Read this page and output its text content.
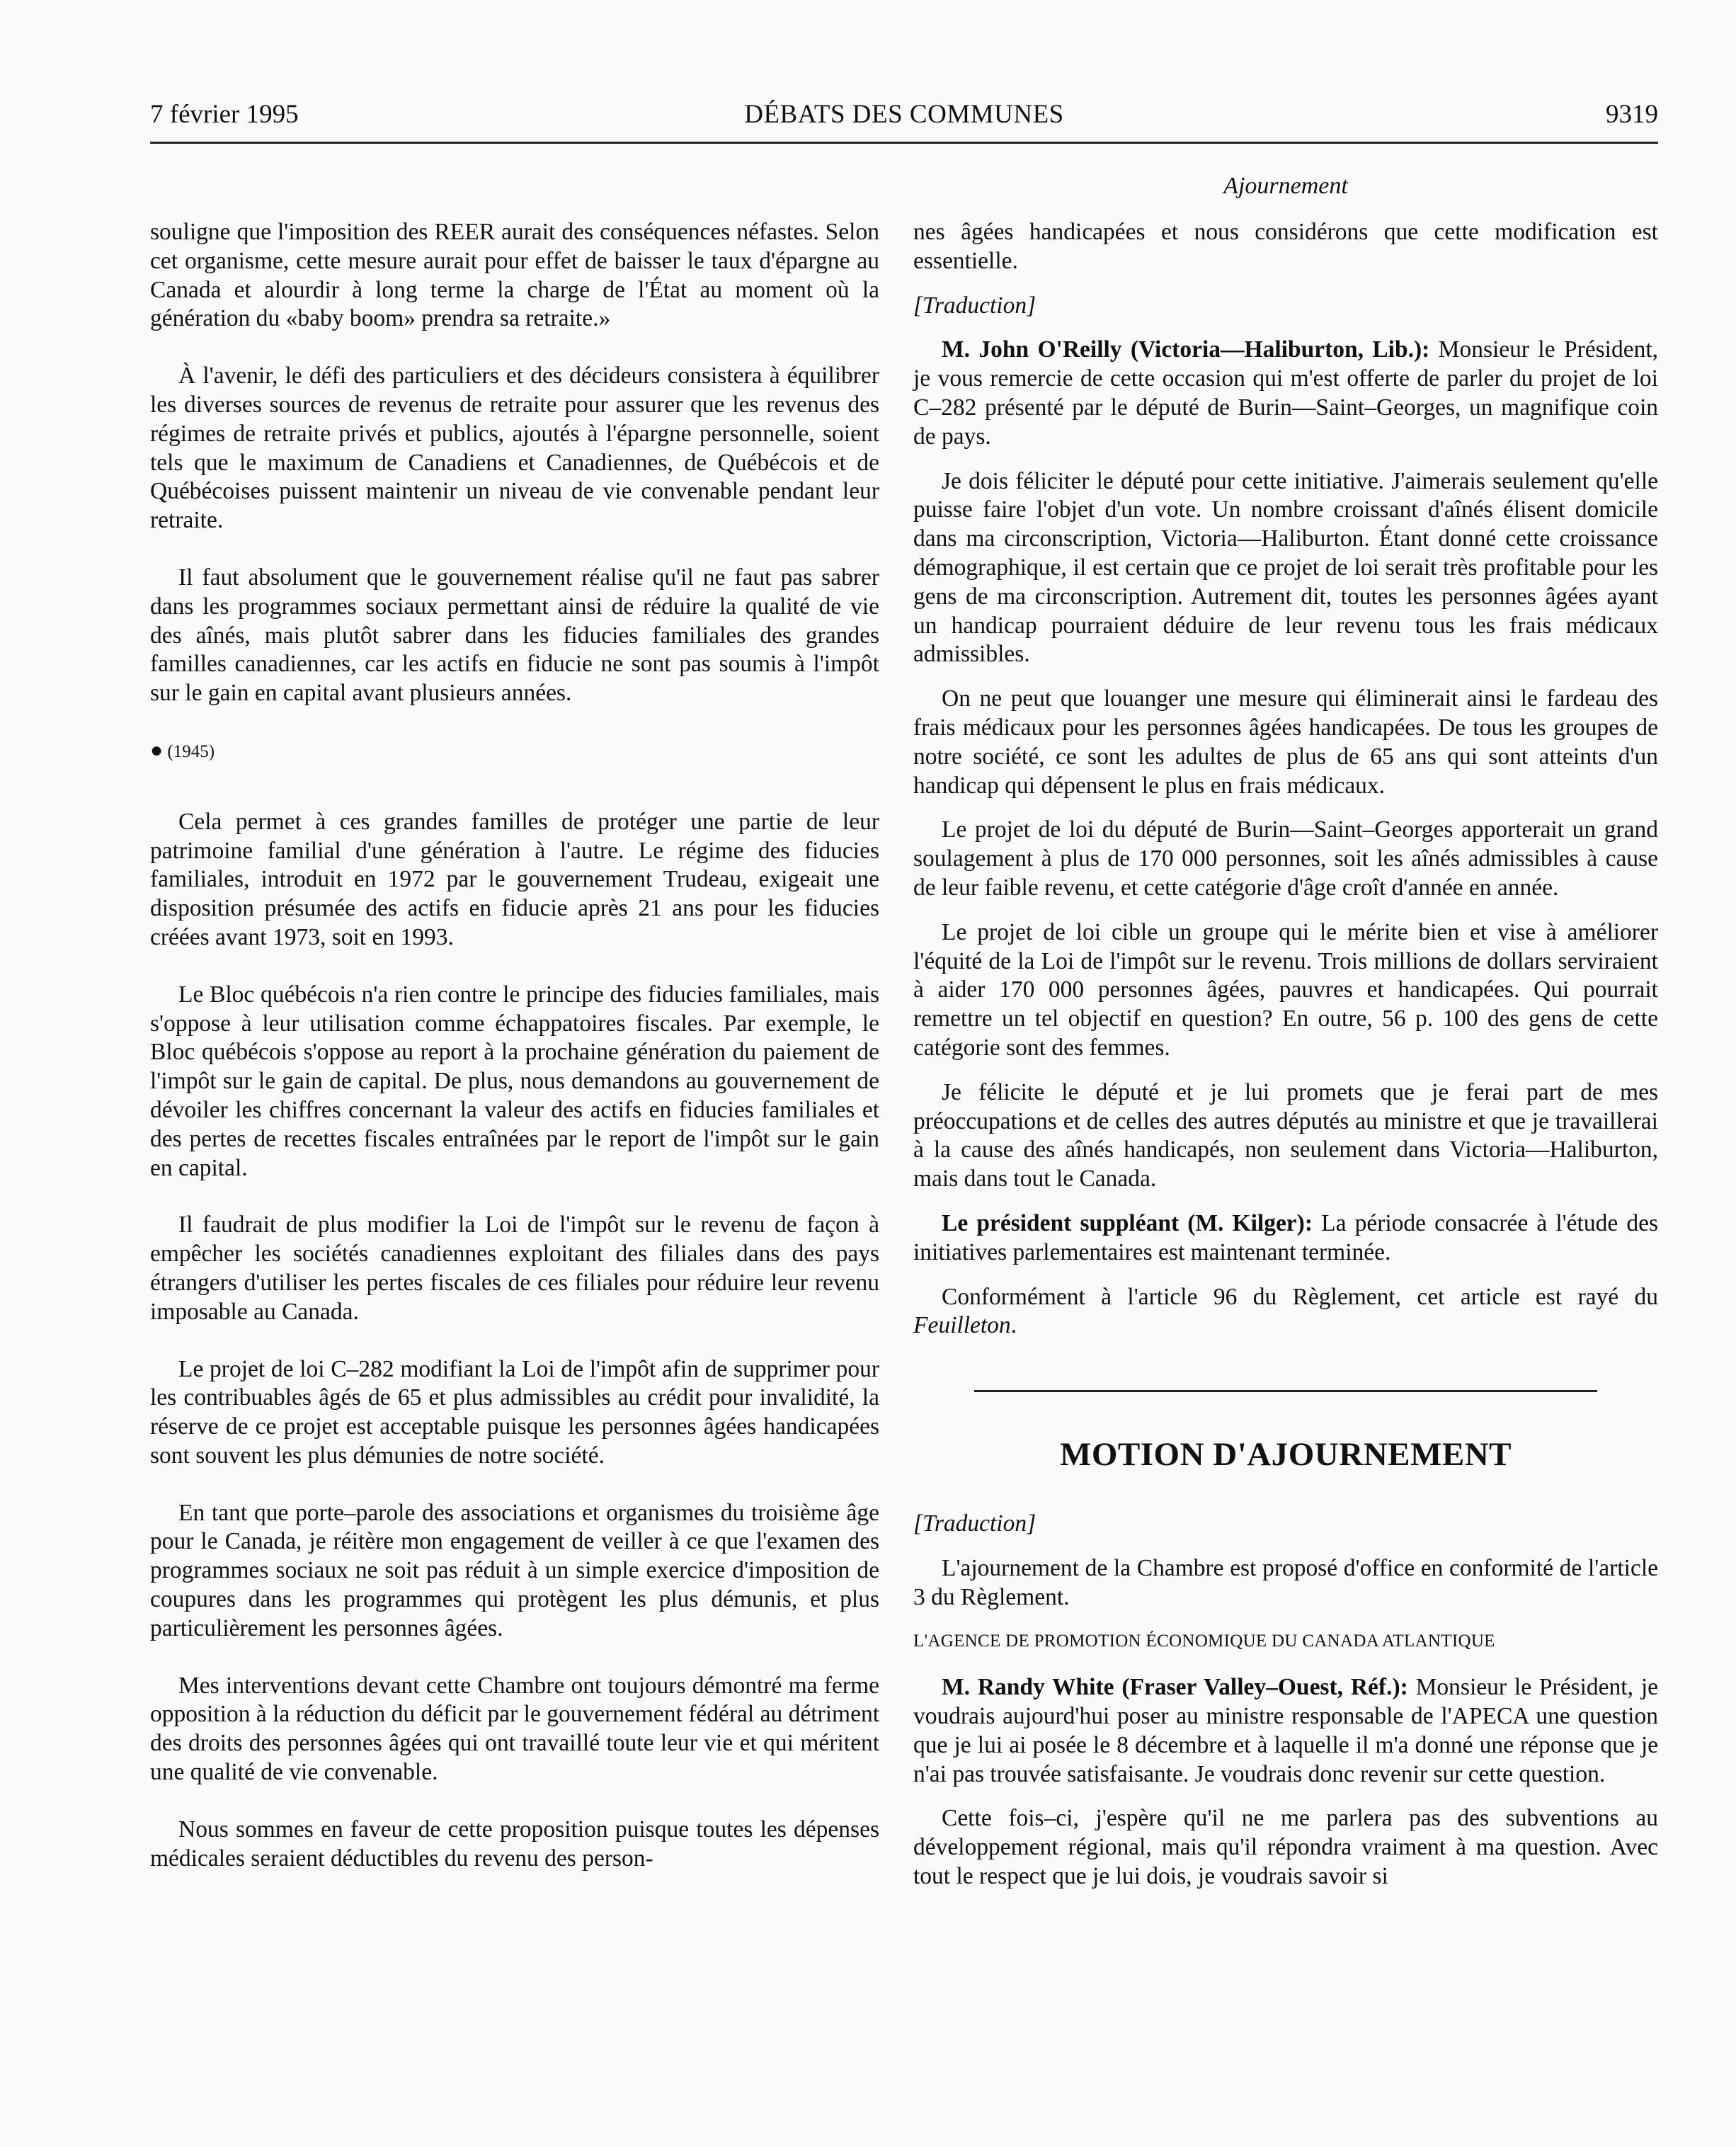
7 février 1995	DÉBATS DES COMMUNES	9319
Ajournement

souligne que l'imposition des REER aurait des conséquences néfastes. Selon cet organisme, cette mesure aurait pour effet de baisser le taux d'épargne au Canada et alourdir à long terme la charge de l'État au moment où la génération du «baby boom» prendra sa retraite.»

À l'avenir, le défi des particuliers et des décideurs consistera à équilibrer les diverses sources de revenus de retraite pour assurer que les revenus des régimes de retraite privés et publics, ajoutés à l'épargne personnelle, soient tels que le maximum de Canadiens et Canadiennes, de Québécois et de Québécoises puissent maintenir un niveau de vie convenable pendant leur retraite.

Il faut absolument que le gouvernement réalise qu'il ne faut pas sabrer dans les programmes sociaux permettant ainsi de réduire la qualité de vie des aînés, mais plutôt sabrer dans les fiducies familiales des grandes familles canadiennes, car les actifs en fiducie ne sont pas soumis à l'impôt sur le gain en capital avant plusieurs années.

● (1945)

Cela permet à ces grandes familles de protéger une partie de leur patrimoine familial d'une génération à l'autre. Le régime des fiducies familiales, introduit en 1972 par le gouvernement Trudeau, exigeait une disposition présumée des actifs en fiducie après 21 ans pour les fiducies créées avant 1973, soit en 1993.

Le Bloc québécois n'a rien contre le principe des fiducies familiales, mais s'oppose à leur utilisation comme échappatoires fiscales. Par exemple, le Bloc québécois s'oppose au report à la prochaine génération du paiement de l'impôt sur le gain de capital. De plus, nous demandons au gouvernement de dévoiler les chiffres concernant la valeur des actifs en fiducies familiales et des pertes de recettes fiscales entraînées par le report de l'impôt sur le gain en capital.

Il faudrait de plus modifier la Loi de l'impôt sur le revenu de façon à empêcher les sociétés canadiennes exploitant des filiales dans des pays étrangers d'utiliser les pertes fiscales de ces filiales pour réduire leur revenu imposable au Canada.

Le projet de loi C–282 modifiant la Loi de l'impôt afin de supprimer pour les contribuables âgés de 65 et plus admissibles au crédit pour invalidité, la réserve de ce projet est acceptable puisque les personnes âgées handicapées sont souvent les plus démunies de notre société.

En tant que porte–parole des associations et organismes du troisième âge pour le Canada, je réitère mon engagement de veiller à ce que l'examen des programmes sociaux ne soit pas réduit à un simple exercice d'imposition de coupures dans les programmes qui protègent les plus démunis, et plus particulièrement les personnes âgées.

Mes interventions devant cette Chambre ont toujours démontré ma ferme opposition à la réduction du déficit par le gouvernement fédéral au détriment des droits des personnes âgées qui ont travaillé toute leur vie et qui méritent une qualité de vie convenable.

Nous sommes en faveur de cette proposition puisque toutes les dépenses médicales seraient déductibles du revenu des person-

nes âgées handicapées et nous considérons que cette modification est essentielle.

[Traduction]

M. John O'Reilly (Victoria—Haliburton, Lib.): Monsieur le Président, je vous remercie de cette occasion qui m'est offerte de parler du projet de loi C–282 présenté par le député de Burin—Saint–Georges, un magnifique coin de pays.

Je dois féliciter le député pour cette initiative. J'aimerais seulement qu'elle puisse faire l'objet d'un vote. Un nombre croissant d'aînés élisent domicile dans ma circonscription, Victoria—Haliburton. Étant donné cette croissance démographique, il est certain que ce projet de loi serait très profitable pour les gens de ma circonscription. Autrement dit, toutes les personnes âgées ayant un handicap pourraient déduire de leur revenu tous les frais médicaux admissibles.

On ne peut que louanger une mesure qui éliminerait ainsi le fardeau des frais médicaux pour les personnes âgées handicapées. De tous les groupes de notre société, ce sont les adultes de plus de 65 ans qui sont atteints d'un handicap qui dépensent le plus en frais médicaux.

Le projet de loi du député de Burin—Saint–Georges apporterait un grand soulagement à plus de 170 000 personnes, soit les aînés admissibles à cause de leur faible revenu, et cette catégorie d'âge croît d'année en année.

Le projet de loi cible un groupe qui le mérite bien et vise à améliorer l'équité de la Loi de l'impôt sur le revenu. Trois millions de dollars serviraient à aider 170 000 personnes âgées, pauvres et handicapées. Qui pourrait remettre un tel objectif en question? En outre, 56 p. 100 des gens de cette catégorie sont des femmes.

Je félicite le député et je lui promets que je ferai part de mes préoccupations et de celles des autres députés au ministre et que je travaillerai à la cause des aînés handicapés, non seulement dans Victoria—Haliburton, mais dans tout le Canada.

Le président suppléant (M. Kilger): La période consacrée à l'étude des initiatives parlementaires est maintenant terminée.

Conformément à l'article 96 du Règlement, cet article est rayé du Feuilleton.

MOTION D'AJOURNEMENT

[Traduction]

L'ajournement de la Chambre est proposé d'office en conformité de l'article 3 du Règlement.

L'AGENCE DE PROMOTION ÉCONOMIQUE DU CANADA ATLANTIQUE

M. Randy White (Fraser Valley–Ouest, Réf.): Monsieur le Président, je voudrais aujourd'hui poser au ministre responsable de l'APECA une question que je lui ai posée le 8 décembre et à laquelle il m'a donné une réponse que je n'ai pas trouvée satisfaisante. Je voudrais donc revenir sur cette question.

Cette fois–ci, j'espère qu'il ne me parlera pas des subventions au développement régional, mais qu'il répondra vraiment à ma question. Avec tout le respect que je lui dois, je voudrais savoir si
